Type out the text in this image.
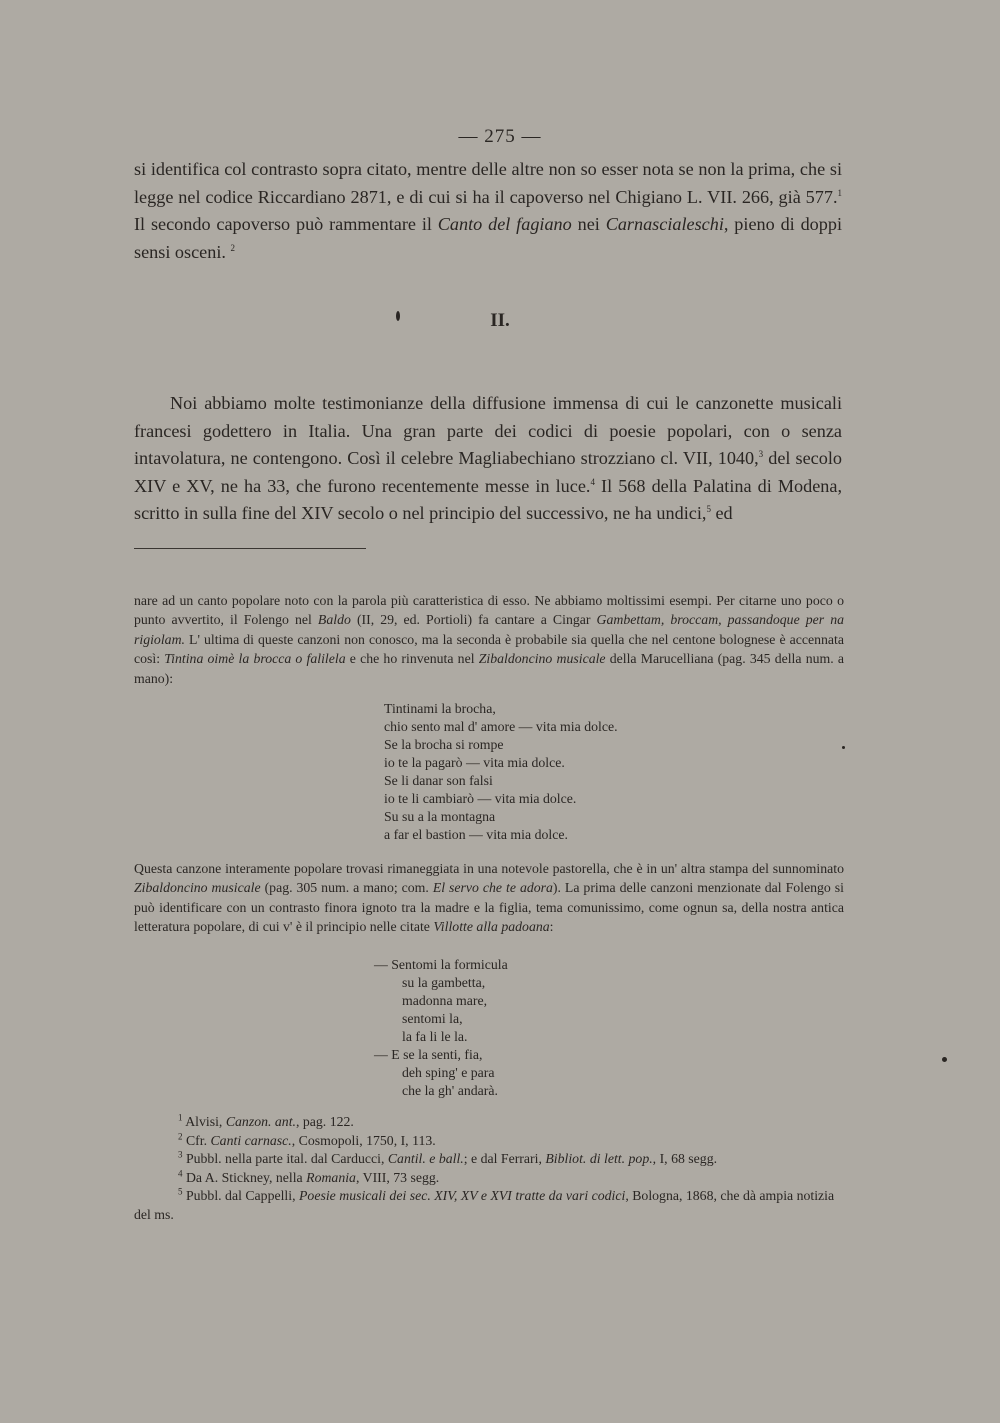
— 275 —

si identifica col contrasto sopra citato, mentre delle altre non so esser nota se non la prima, che si legge nel codice Riccardiano 2871, e di cui si ha il capoverso nel Chigiano L. VII. 266, già 577.$^1$ Il secondo capoverso può rammentare il Canto del fagiano nei Carnascialeschi, pieno di doppi sensi osceni. $^2$

II.

Noi abbiamo molte testimonianze della diffusione immensa di cui le canzonette musicali francesi godettero in Italia. Una gran parte dei codici di poesie popolari, con o senza intavolatura, ne contengono. Così il celebre Magliabechiano strozziano cl. VII, 1040,$^3$ del secolo XIV e XV, ne ha 33, che furono recentemente messe in luce.$^4$ Il 568 della Palatina di Modena, scritto in sulla fine del XIV secolo o nel principio del successivo, ne ha undici,$^5$ ed

nare ad un canto popolare noto con la parola più caratteristica di esso. Ne abbiamo moltissimi esempi. Per citarne uno poco o punto avvertito, il Folengo nel Baldo (II, 29, ed. Portioli) fa cantare a Cingar Gambettam, broccam, passandoque per na rigiolam. L' ultima di queste canzoni non conosco, ma la seconda è probabile sia quella che nel centone bolognese è accennata così: Tintina oimè la brocca o falilela e che ho rinvenuta nel Zibaldoncino musicale della Marucelliana (pag. 345 della num. a mano):

Tintinami la brocha,
chio sento mal d' amore — vita mia dolce.
Se la brocha si rompe
io te la pagarò — vita mia dolce.
Se li danar son falsi
io te li cambiarò — vita mia dolce.
Su su a la montagna
a far el bastion — vita mia dolce.

Questa canzone interamente popolare trovasi rimaneggiata in una notevole pastorella, che è in un' altra stampa del sunnominato Zibaldoncino musicale (pag. 305 num. a mano; com. El servo che te adora). La prima delle canzoni menzionate dal Folengo si può identificare con un contrasto finora ignoto tra la madre e la figlia, tema comunissimo, come ognun sa, della nostra antica letteratura popolare, di cui v' è il principio nelle citate Villotte alla padoana:

— Sentomi la formicula
su la gambetta,
madonna mare,
sentomi la,
la fa li le la.
— E se la senti, fia,
deh sping' e para
che la gh' andarà.
$^1$ Alvisi, Canzon. ant., pag. 122.
$^2$ Cfr. Canti carnasc., Cosmopoli, 1750, I, 113.
$^3$ Pubbl. nella parte ital. dal Carducci, Cantil. e ball.; e dal Ferrari, Bibliot. di lett. pop., I, 68 segg.
$^4$ Da A. Stickney, nella Romania, VIII, 73 segg.
$^5$ Pubbl. dal Cappelli, Poesie musicali dei sec. XIV, XV e XVI tratte da vari codici, Bologna, 1868, che dà ampia notizia del ms.
